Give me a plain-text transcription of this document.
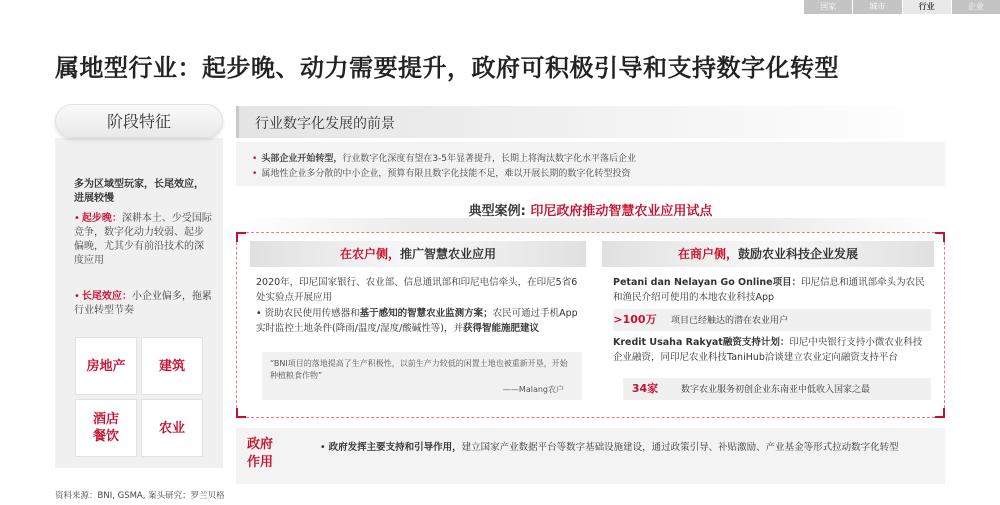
国家	城市	行业	企业
属地型行业：起步晚、动力需要提升，政府可积极引导和支持数字化转型
阶段特征
多为区域型玩家，长尾效应，进展较慢
• 起步晚：深耕本土、少受国际竞争，数字化动力较弱、起步偏晚，尤其少有前沿技术的深度应用
• 长尾效应：小企业偏多，拖累行业转型节奏
房地产	建筑
酒店
餐饮
农业
行业数字化发展的前景
• 头部企业开始转型，行业数字化深度有望在3-5年显著提升，长期上将淘汰数字化水平落后企业
• 属地性企业多分散的中小企业，预算有限且数字化技能不足，难以开展长期的数字化转型投资
典型案例: 印尼政府推动智慧农业应用试点
在农户侧，推广智慧农业应用
2020年，印尼国家银行、农业部、信息通讯部和印尼电信牵头，在印尼5省6处实验点开展应用
• 资助农民使用传感器和基于感知的智慧农业监测方案；农民可通过手机App实时监控土地条件(降雨/温度/湿度/酸碱性等)，并获得智能施肥建议
“BNI项目的落地提高了生产积极性，以前生产力较低的闲置土地也被重新开垦，开始种植粮食作物”
——Malang农户
在商户侧，鼓励农业科技企业发展
Petani dan Nelayan Go Online项目：印尼信息和通讯部牵头为农民和渔民介绍可使用的本地农业科技App
>100万 项目已经触达的潜在农业用户
Kredit Usaha Rakyat融资支持计划：印尼中央银行支持小微农业科技企业融资，同印尼农业科技TaniHub洽谈建立农业定向融资支持平台
34家	数字农业服务初创企业东南亚中低收入国家之最
政府
作用
• 政府发挥主要支持和引导作用，建立国家产业数据平台等数字基础设施建设，通过政策引导、补贴激励、产业基金等形式拉动数字化转型
资料来源：BNI, GSMA, 案头研究；罗兰贝格
